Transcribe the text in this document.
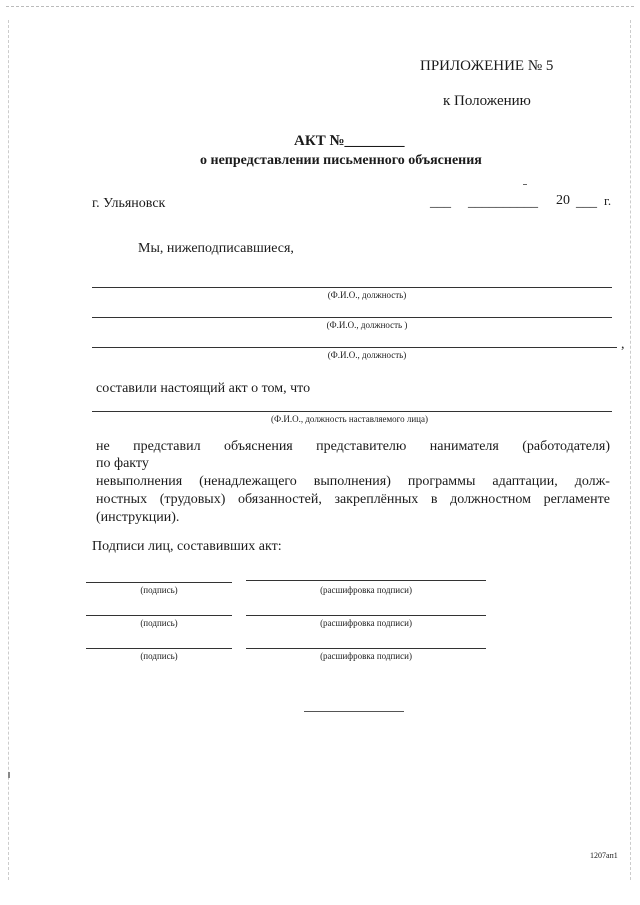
ПРИЛОЖЕНИЕ № 5
к Положению
АКТ №________
о непредставлении письменного объяснения
г. Ульяновск	___ __________ 20 ___ г.
Мы, нижеподписавшиеся,
(Ф.И.О., должность)
(Ф.И.О., должность )
,
(Ф.И.О., должность)
составили настоящий акт о том, что
(Ф.И.О., должность наставляемого лица)
не представил объяснения представителю нанимателя (работодателя)
по факту
невыполнения (ненадлежащего выполнения) программы адаптации, долж-
ностных (трудовых) обязанностей, закреплённых в должностном регламенте
(инструкции).
Подписи лиц, составивших акт:
(подпись)	(расшифровка подписи)
(подпись)	(расшифровка подписи)
(подпись)	(расшифровка подписи)
1207ап1
